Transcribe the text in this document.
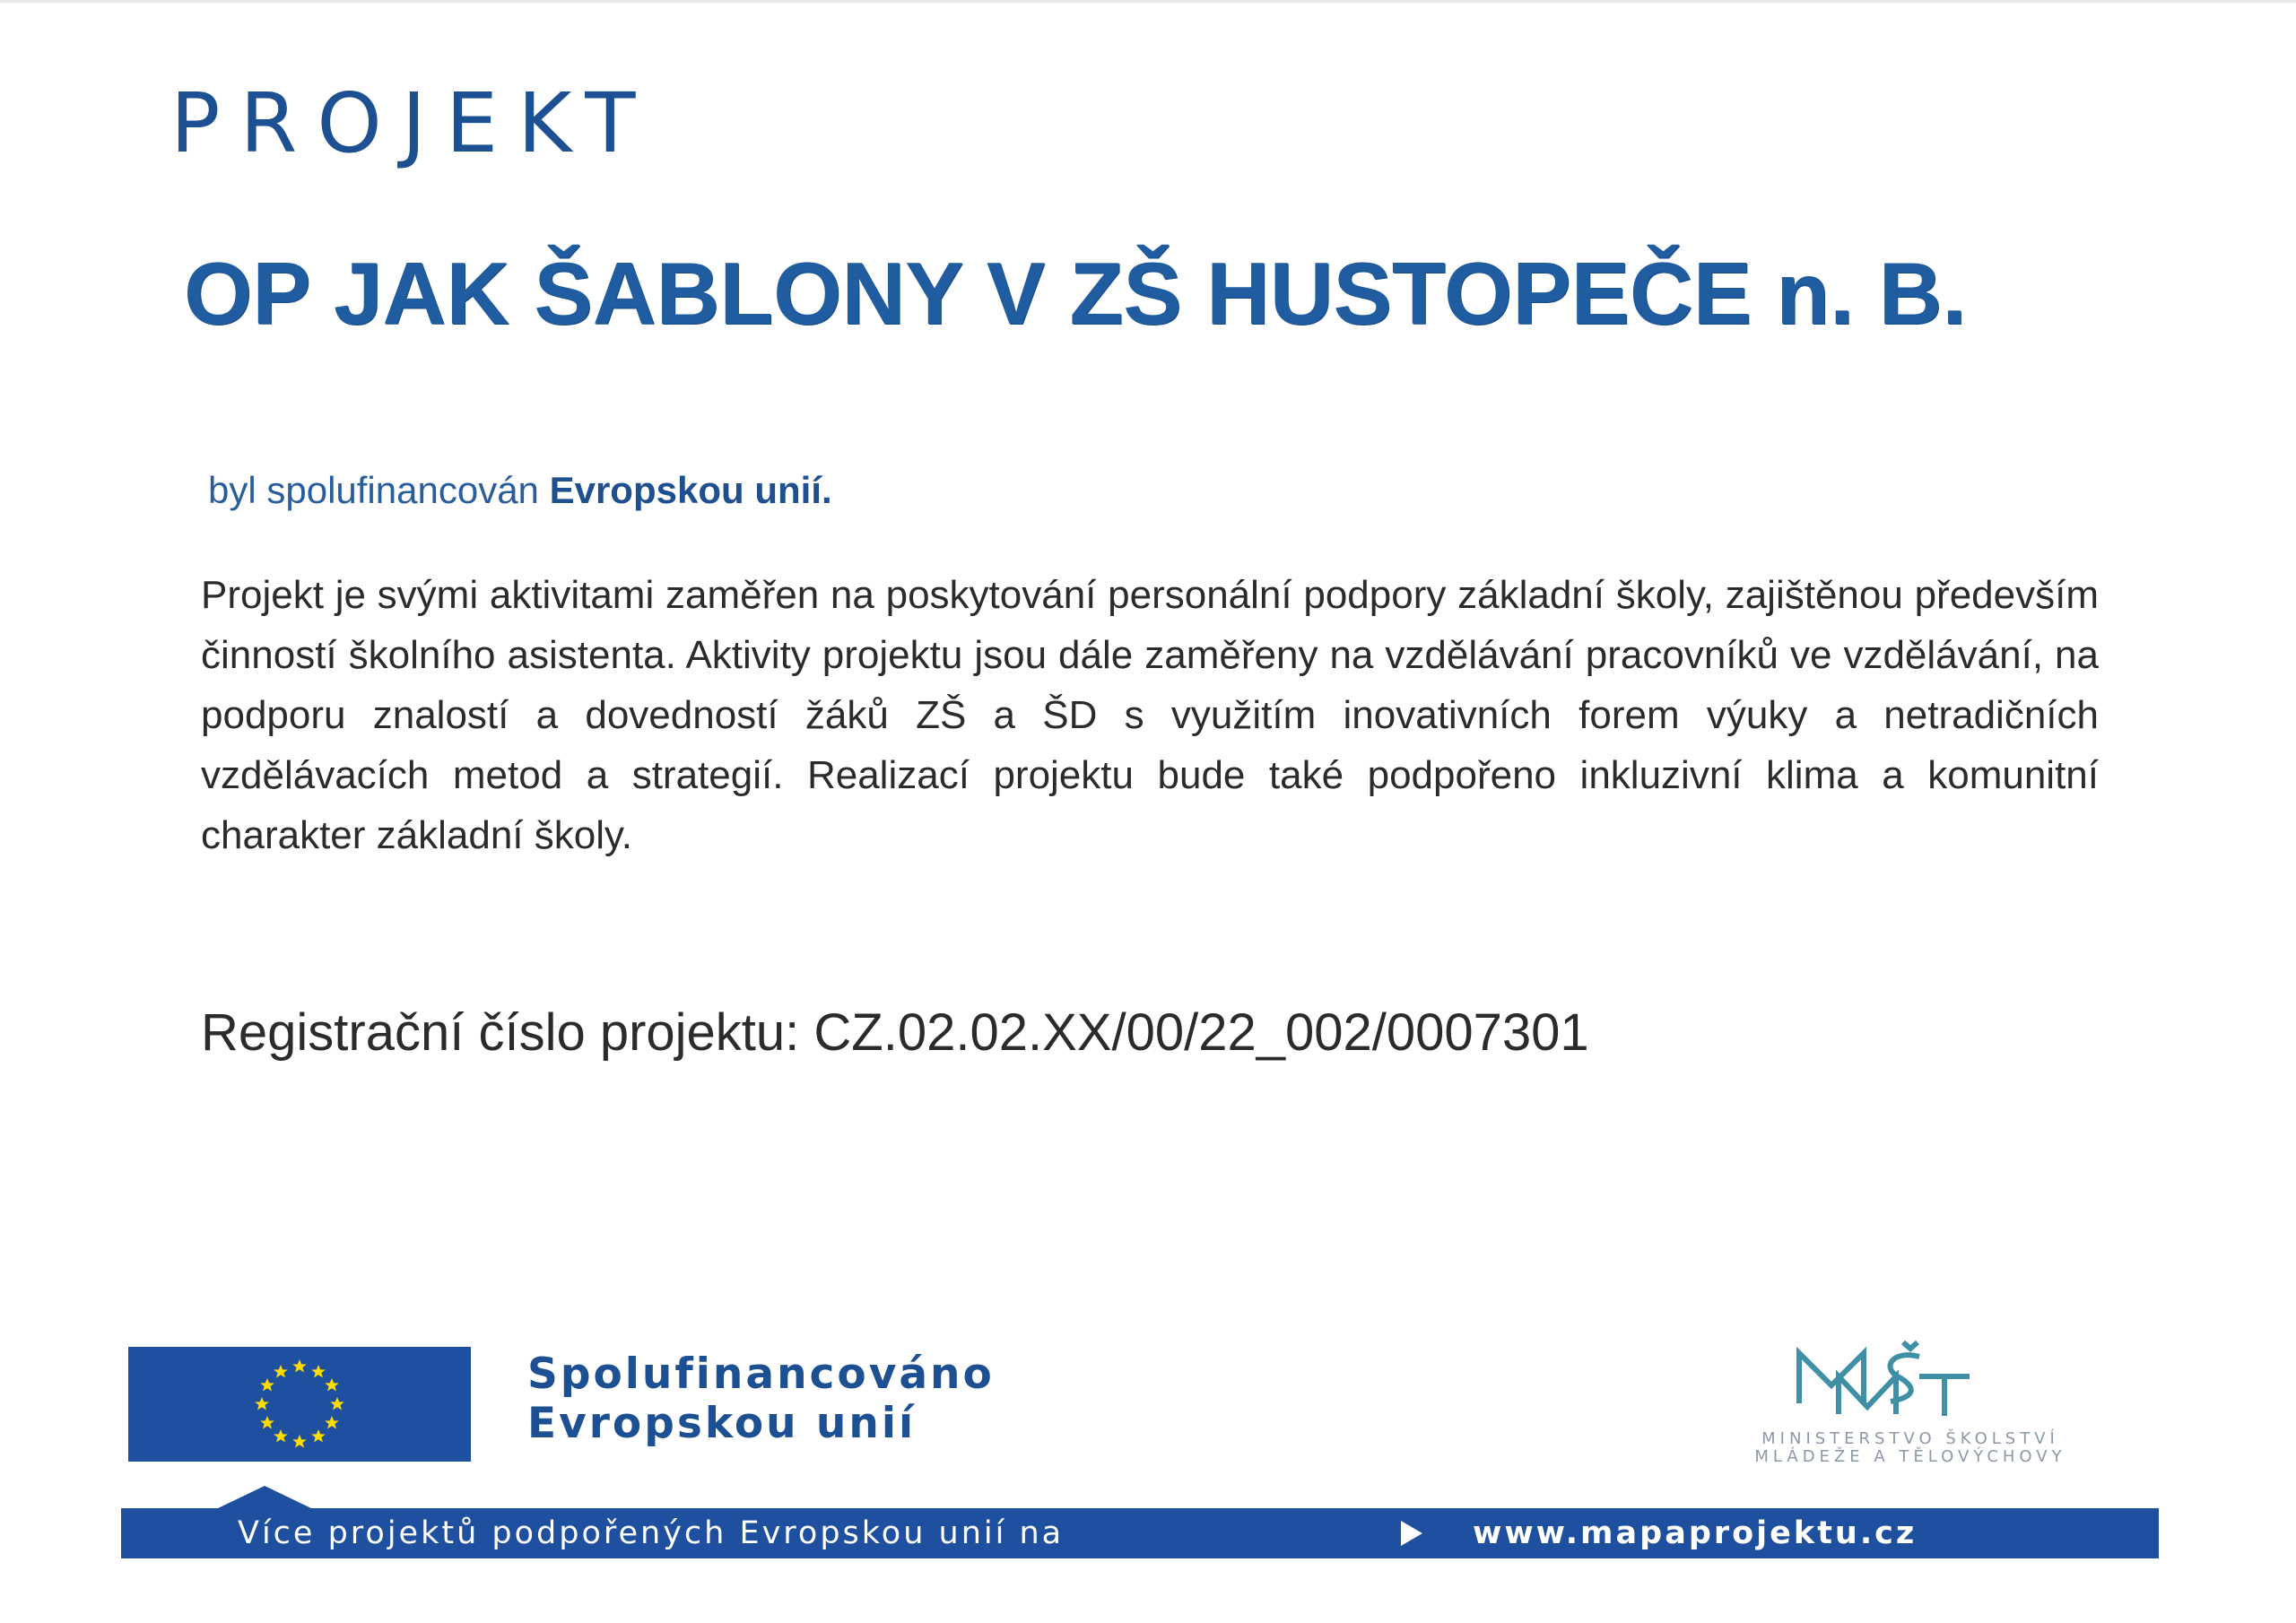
PROJEKT
OP JAK ŠABLONY V ZŠ HUSTOPEČE n. B.
byl spolufinancován Evropskou unií.
Projekt je svými aktivitami zaměřen na poskytování personální podpory základní školy, zajištěnou především činností školního asistenta. Aktivity projektu jsou dále zaměřeny na vzdělávání pracovníků ve vzdělávání, na podporu znalostí a dovedností žáků ZŠ a ŠD s využitím inovativních forem výuky a netradičních vzdělávacích metod a strategií. Realizací projektu bude také podpořeno inkluzivní klima a komunitní charakter základní školy.
Registrační číslo projektu: CZ.02.02.XX/00/22_002/0007301
Spolufinancováno
Evropskou unií	MINISTERSTVO ŠKOLSTVÍ
MLÁDEŽE A TĚLOVÝCHOVY
Více projektů podpořených Evropskou unií na	www.mapaprojektu.cz
